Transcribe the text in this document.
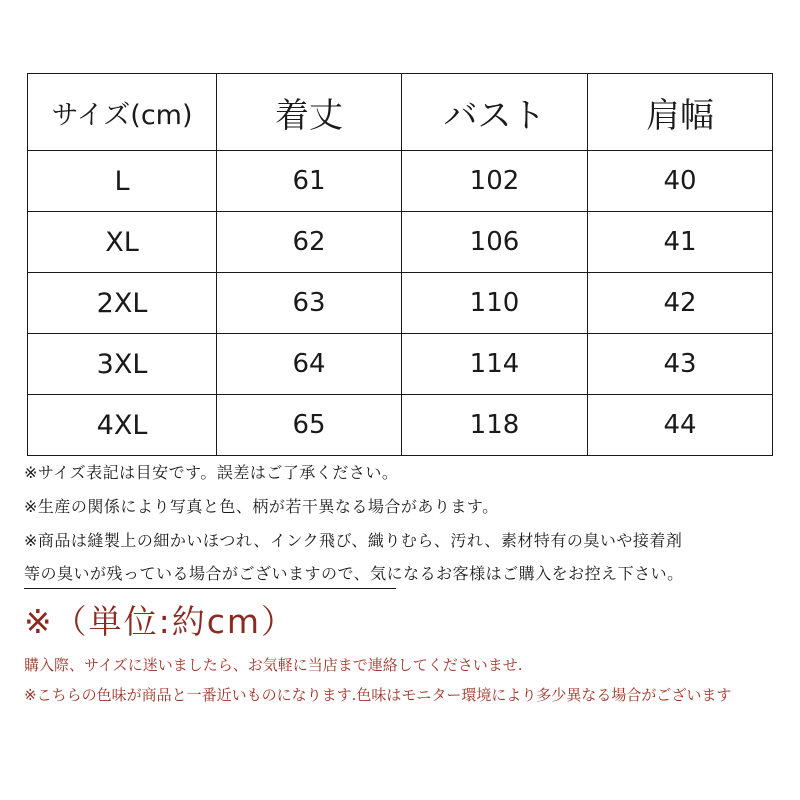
サイズ(cm)	着丈	バスト	肩幅
L	61	102	40
XL	62	106	41
2XL	63	110	42
3XL	64	114	43
4XL	65	118	44
※サイズ表記は目安です。誤差はご了承ください。
※生産の関係により写真と色、柄が若干異なる場合があります。
※商品は縫製上の細かいほつれ、インク飛び、織りむら、汚れ、素材特有の臭いや接着剤
等の臭いが残っている場合がございますので、気になるお客様はご購入をお控え下さい。
※（単位:約cm）
購入際、サイズに迷いましたら、お気軽に当店まで連絡してくださいませ.
※こちらの色味が商品と一番近いものになります.色味はモニター環境により多少異なる場合がございます
